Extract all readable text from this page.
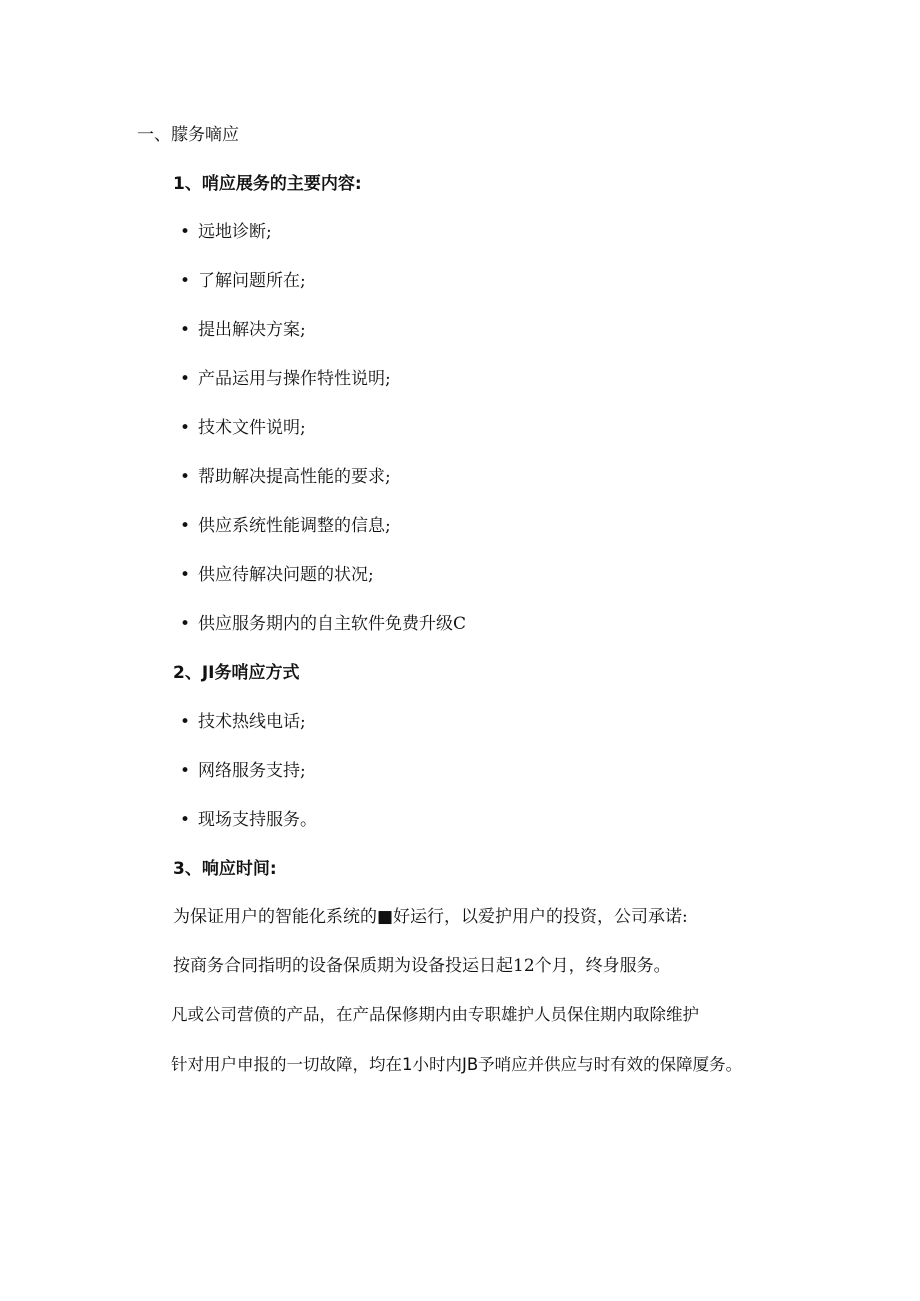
一、朦务嘀应
1、哨应展务的主要内容:
• 远地诊断;
• 了解问题所在;
• 提出解决方案;
• 产品运用与操作特性说明;
• 技术文件说明;
• 帮助解决提高性能的要求;
• 供应系统性能调整的信息;
• 供应待解决问题的状况;
• 供应服务期内的自主软件免费升级C
2、JI务哨应方式
• 技术热线电话;
• 网络服务支持;
• 现场支持服务。
3、响应时间:
为保证用户的智能化系统的■好运行，以爱护用户的投资，公司承诺:
按商务合同指明的设备保质期为设备投运日起12个月，终身服务。
凡或公司营偾的产品，在产品保修期内由专职雄护人员保住期内取除维护
针对用户申报的一切故障，均在1小时内JB予哨应并供应与时有效的保障厦务。
